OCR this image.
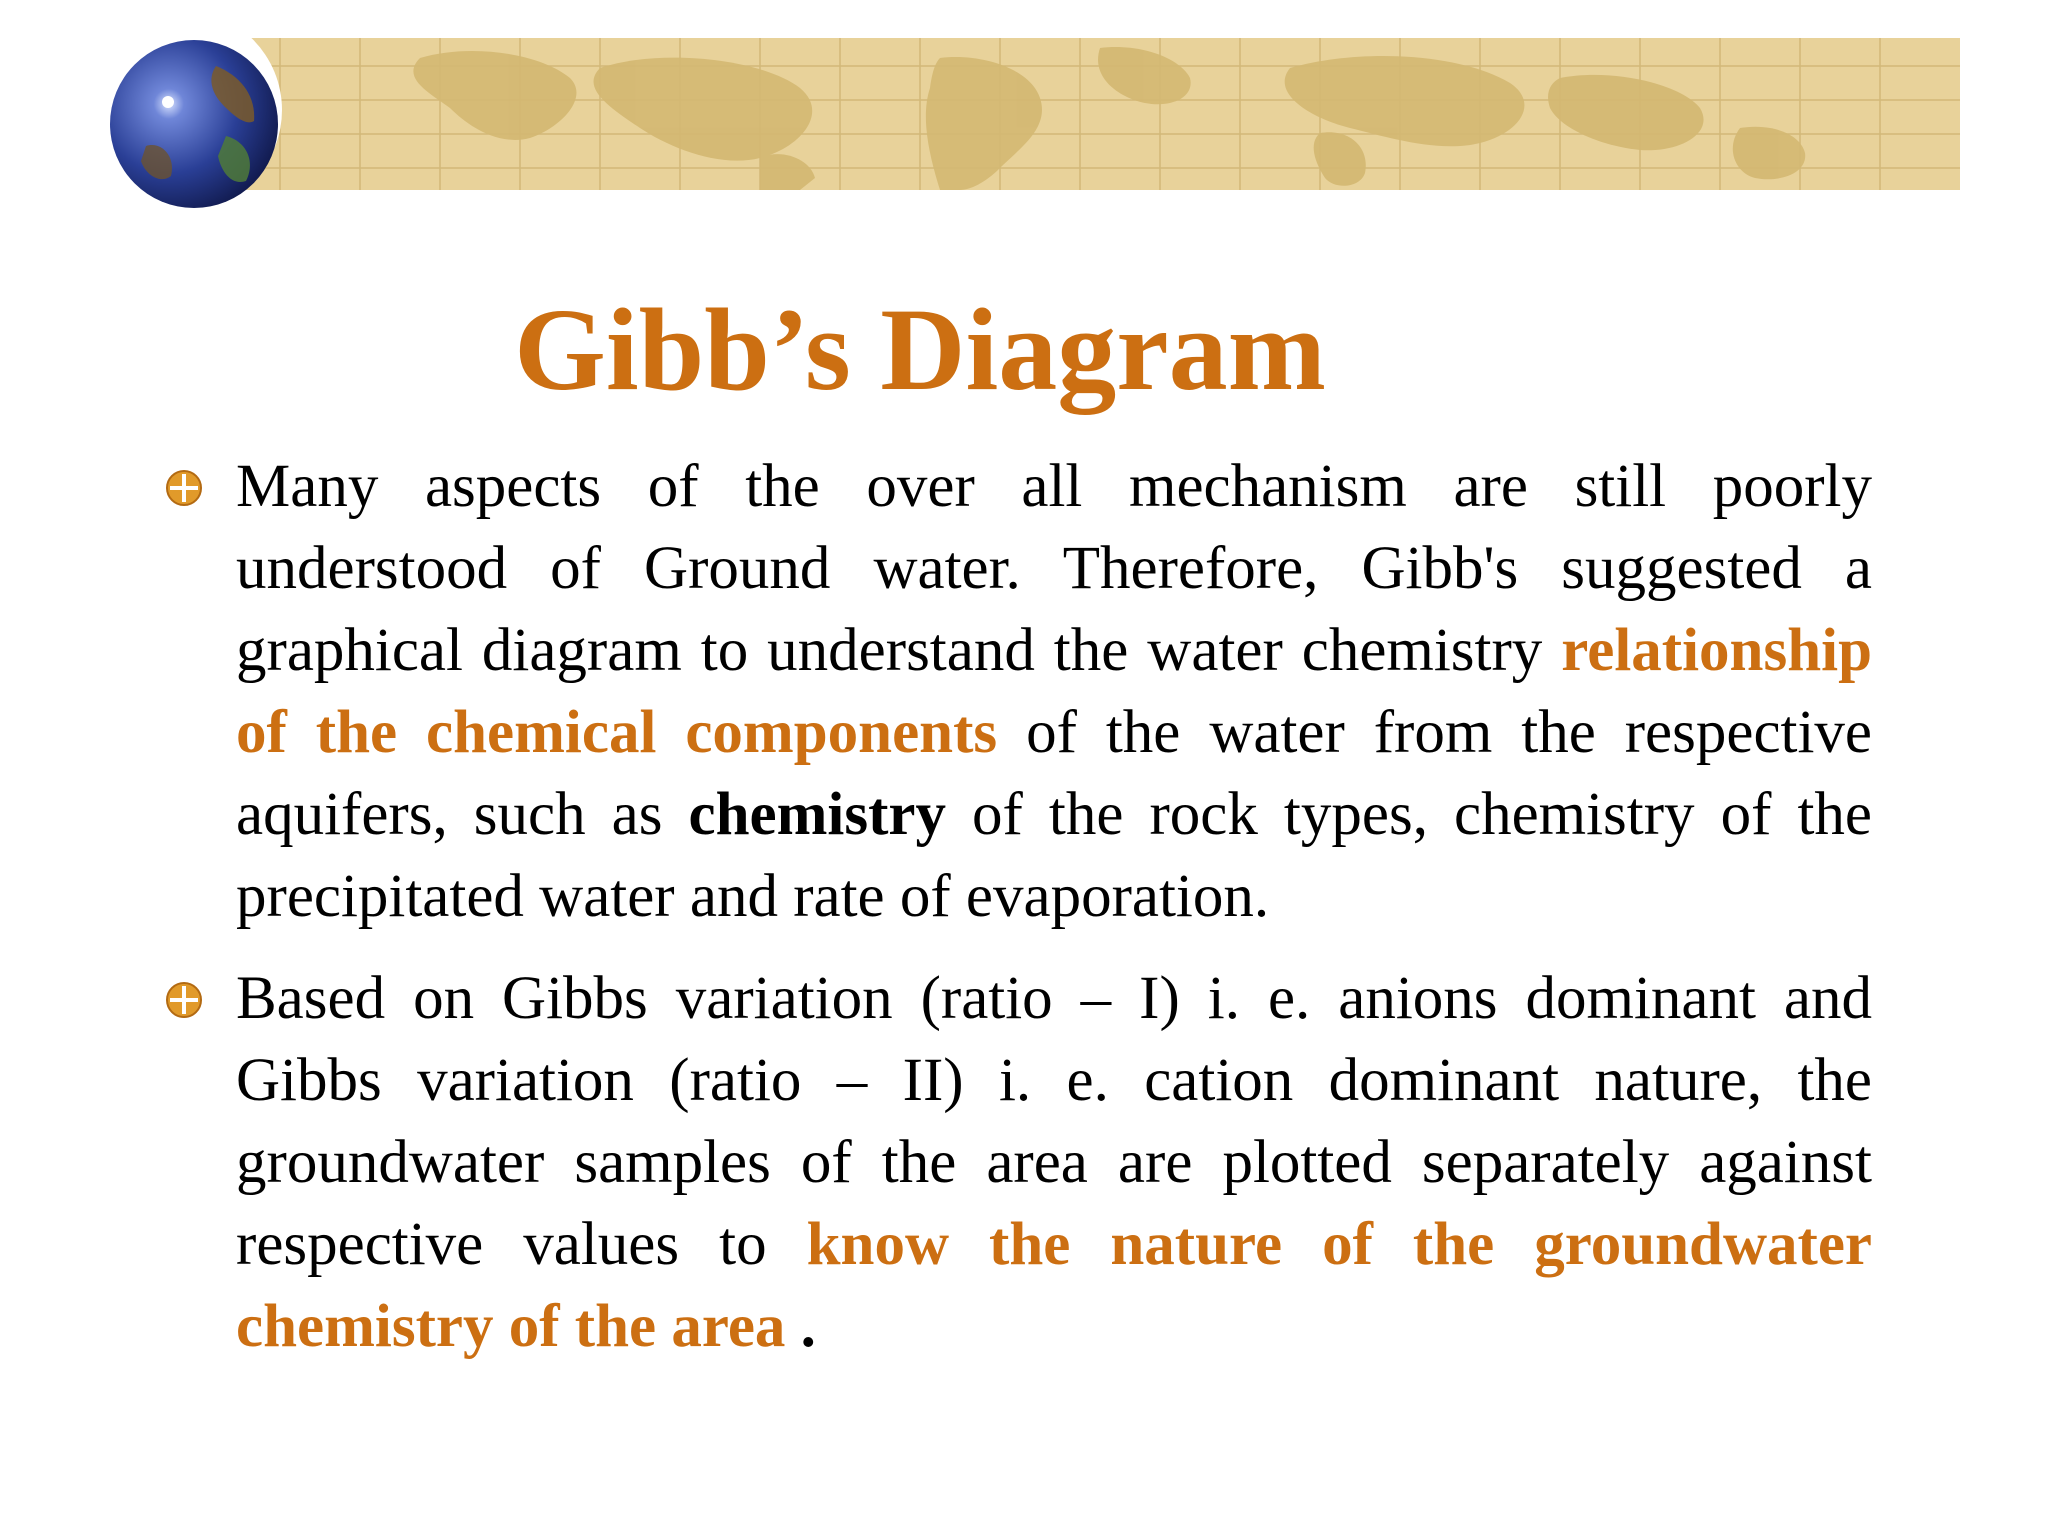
Gibb’s Diagram
Many aspects of the over all mechanism are still poorly understood of Ground water. Therefore, Gibb's suggested a graphical diagram to understand the water chemistry relationship of the chemical components of the water from the respective aquifers, such as chemistry of the rock types, chemistry of the precipitated water and rate of evaporation.
Based on Gibbs variation (ratio – I) i. e. anions dominant and Gibbs variation (ratio – II) i. e. cation dominant nature, the groundwater samples of the area are plotted separately against respective values to know the nature of the groundwater chemistry of the area .
